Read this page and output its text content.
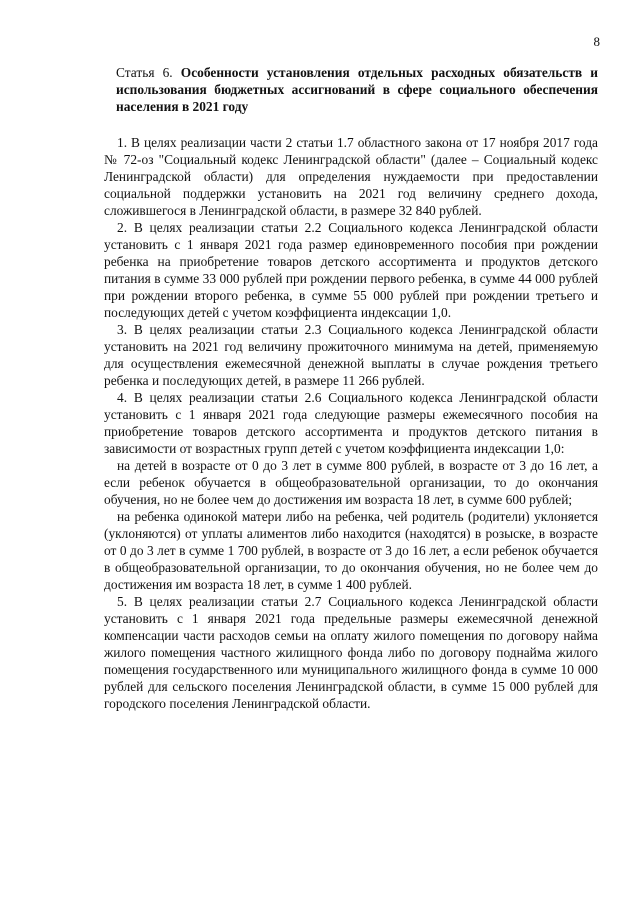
8

Статья 6. Особенности установления отдельных расходных обязательств и использования бюджетных ассигнований в сфере социального обеспечения населения в 2021 году

1. В целях реализации части 2 статьи 1.7 областного закона от 17 ноября 2017 года № 72-оз "Социальный кодекс Ленинградской области" (далее – Социальный кодекс Ленинградской области) для определения нуждаемости при предоставлении социальной поддержки установить на 2021 год величину среднего дохода, сложившегося в Ленинградской области, в размере 32 840 рублей.

2. В целях реализации статьи 2.2 Социального кодекса Ленинградской области установить с 1 января 2021 года размер единовременного пособия при рождении ребенка на приобретение товаров детского ассортимента и продуктов детского питания в сумме 33 000 рублей при рождении первого ребенка, в сумме 44 000 рублей при рождении второго ребенка, в сумме 55 000 рублей при рождении третьего и последующих детей с учетом коэффициента индексации 1,0.

3. В целях реализации статьи 2.3 Социального кодекса Ленинградской области установить на 2021 год величину прожиточного минимума на детей, применяемую для осуществления ежемесячной денежной выплаты в случае рождения третьего ребенка и последующих детей, в размере 11 266 рублей.

4. В целях реализации статьи 2.6 Социального кодекса Ленинградской области установить с 1 января 2021 года следующие размеры ежемесячного пособия на приобретение товаров детского ассортимента и продуктов детского питания в зависимости от возрастных групп детей с учетом коэффициента индексации 1,0:

на детей в возрасте от 0 до 3 лет в сумме 800 рублей, в возрасте от 3 до 16 лет, а если ребенок обучается в общеобразовательной организации, то до окончания обучения, но не более чем до достижения им возраста 18 лет, в сумме 600 рублей;

на ребенка одинокой матери либо на ребенка, чей родитель (родители) уклоняется (уклоняются) от уплаты алиментов либо находится (находятся) в розыске, в возрасте от 0 до 3 лет в сумме 1 700 рублей, в возрасте от 3 до 16 лет, а если ребенок обучается в общеобразовательной организации, то до окончания обучения, но не более чем до достижения им возраста 18 лет, в сумме 1 400 рублей.

5. В целях реализации статьи 2.7 Социального кодекса Ленинградской области установить с 1 января 2021 года предельные размеры ежемесячной денежной компенсации части расходов семьи на оплату жилого помещения по договору найма жилого помещения частного жилищного фонда либо по договору поднайма жилого помещения государственного или муниципального жилищного фонда в сумме 10 000 рублей для сельского поселения Ленинградской области, в сумме 15 000 рублей для городского поселения Ленинградской области.
